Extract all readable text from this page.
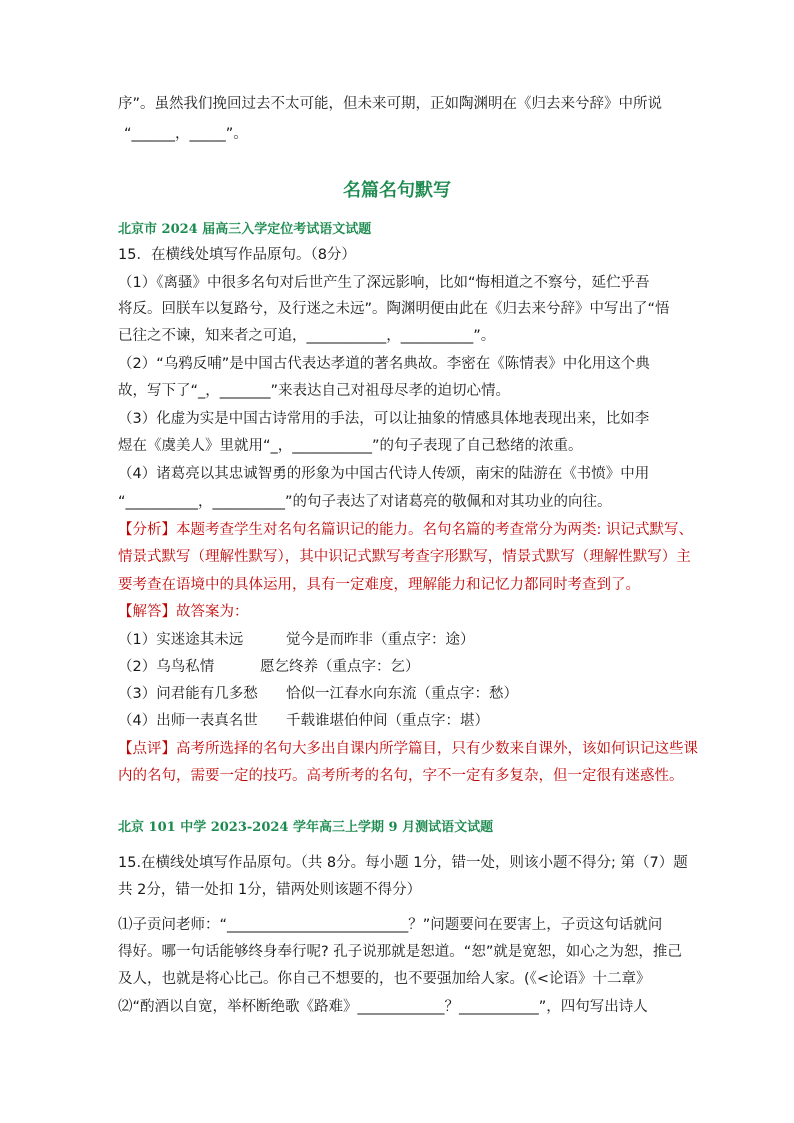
序”。虽然我们挽回过去不太可能，但未来可期，正如陶渊明在《归去来兮辞》中所说
“______，_____”。
名篇名句默写
北京市 2024 届高三入学定位考试语文试题
15．在横线处填写作品原句。（8分）
（1）《离骚》中很多名句对后世产生了深远影响，比如“悔相道之不察兮，延伫乎吾
将反。回朕车以复路兮，及行迷之未远”。陶渊明便由此在《归去来兮辞》中写出了“悟
已往之不谏，知来者之可追，___________，__________”。
（2）“乌鸦反哺”是中国古代表达孝道的著名典故。李密在《陈情表》中化用这个典
故，写下了“_，_______”来表达自己对祖母尽孝的迫切心情。
（3）化虚为实是中国古诗常用的手法，可以让抽象的情感具体地表现出来，比如李
煜在《虞美人》里就用“_，___________”的句子表现了自己愁绪的浓重。
（4）诸葛亮以其忠诚智勇的形象为中国古代诗人传颂，南宋的陆游在《书愤》中用
“__________，__________”的句子表达了对诸葛亮的敬佩和对其功业的向往。
【分析】本题考查学生对名句名篇识记的能力。名句名篇的考查常分为两类: 识记式默写、
情景式默写（理解性默写），其中识记式默写考查字形默写，情景式默写（理解性默写）主
要考查在语境中的具体运用，具有一定难度，理解能力和记忆力都同时考查到了。
【解答】故答案为：
（1）实迷途其未远	觉今是而昨非（重点字：途）
（2）乌鸟私情	愿乞终养（重点字：乞）
（3）问君能有几多愁 恰似一江春水向东流（重点字：愁）
（4）出师一表真名世 千载谁堪伯仲间（重点字：堪）
【点评】高考所选择的名句大多出自课内所学篇目，只有少数来自课外，该如何识记这些课
内的名句，需要一定的技巧。高考所考的名句，字不一定有多复杂，但一定很有迷惑性。
北京 101 中学 2023-2024 学年高三上学期 9 月测试语文试题
15.在横线处填写作品原句。（共 8分。每小题 1分，错一处，则该小题不得分; 第（7）题
共 2分，错一处扣 1分，错两处则该题不得分）
⑴子贡问老师：“_________________________？”问题要问在要害上，子贡这句话就问
得好。哪一句话能够终身奉行呢? 孔子说那就是恕道。“恕”就是宽恕，如心之为恕，推己
及人，也就是将心比己。你自己不想要的，也不要强加给人家。(《<论语》十二章》
⑵“酌酒以自宽，举杯断绝歌《路难》____________？___________”，四句写出诗人
